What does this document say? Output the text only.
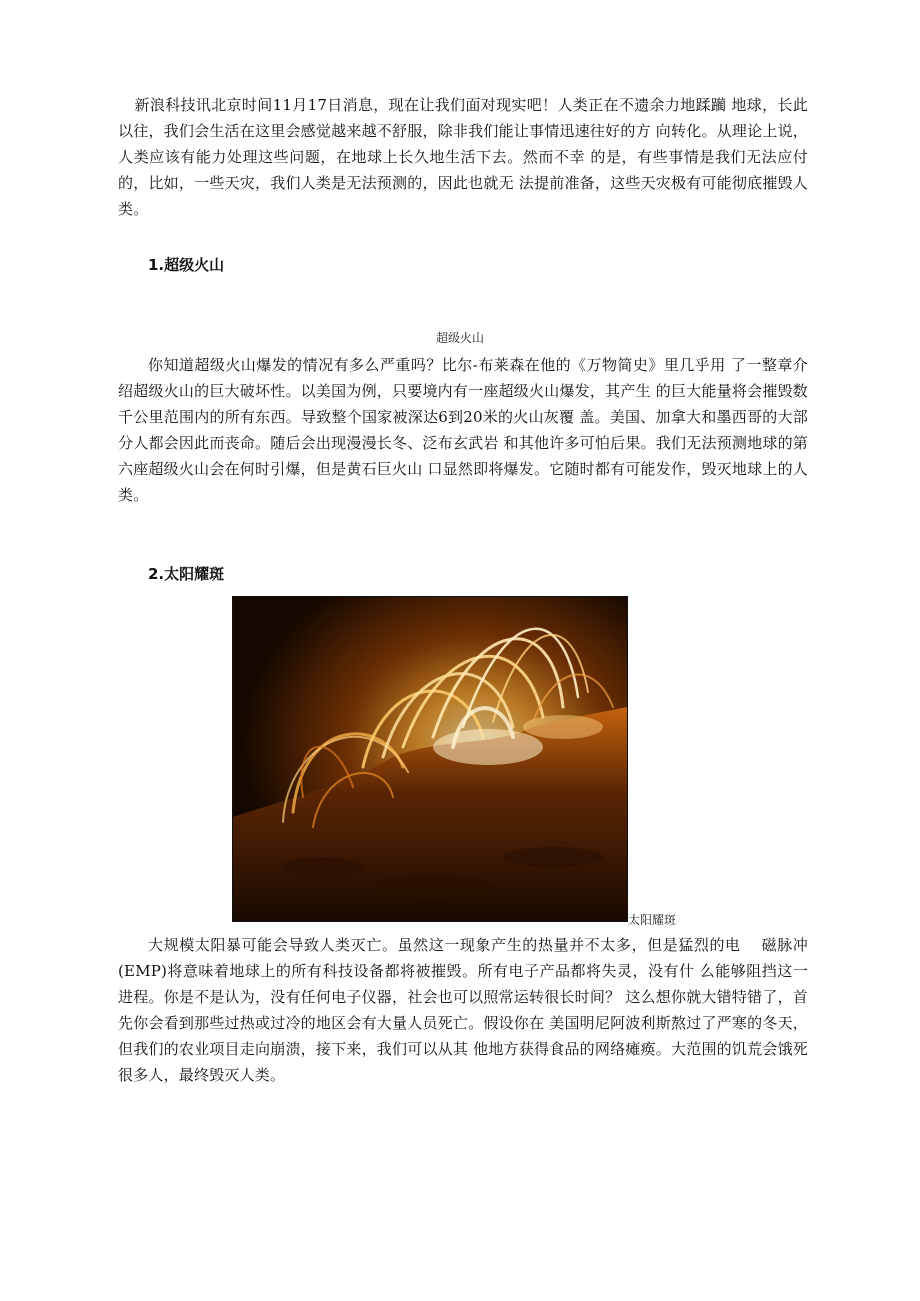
新浪科技讯北京时间11月17日消息，现在让我们面对现实吧！人类正在不遗余力地蹂躏 地球，长此以往，我们会生活在这里会感觉越来越不舒服，除非我们能让事情迅速往好的方 向转化。从理论上说，人类应该有能力处理这些问题，在地球上长久地生活下去。然而不幸 的是，有些事情是我们无法应付的，比如，一些天灾，我们人类是无法预测的，因此也就无 法提前准备，这些天灾极有可能彻底摧毁人类。

1.超级火山
超级火山

你知道超级火山爆发的情况有多么严重吗？比尔-布莱森在他的《万物简史》里几乎用 了一整章介绍超级火山的巨大破坏性。以美国为例，只要境内有一座超级火山爆发，其产生 的巨大能量将会摧毁数千公里范围内的所有东西。导致整个国家被深达6到20米的火山灰覆 盖。美国、加拿大和墨西哥的大部分人都会因此而丧命。随后会出现漫漫长冬、泛布玄武岩 和其他许多可怕后果。我们无法预测地球的第六座超级火山会在何时引爆，但是黄石巨火山 口显然即将爆发。它随时都有可能发作，毁灭地球上的人类。

2.太阳耀斑
太阳耀斑

大规模太阳暴可能会导致人类灭亡。虽然这一现象产生的热量并不太多，但是猛烈的电　 磁脉冲(EMP)将意味着地球上的所有科技设备都将被摧毁。所有电子产品都将失灵，没有什 么能够阻挡这一进程。你是不是认为，没有任何电子仪器，社会也可以照常运转很长时间？ 这么想你就大错特错了，首先你会看到那些过热或过冷的地区会有大量人员死亡。假设你在 美国明尼阿波利斯熬过了严寒的冬天，但我们的农业项目走向崩溃，接下来，我们可以从其 他地方获得食品的网络瘫痪。大范围的饥荒会饿死很多人，最终毁灭人类。
